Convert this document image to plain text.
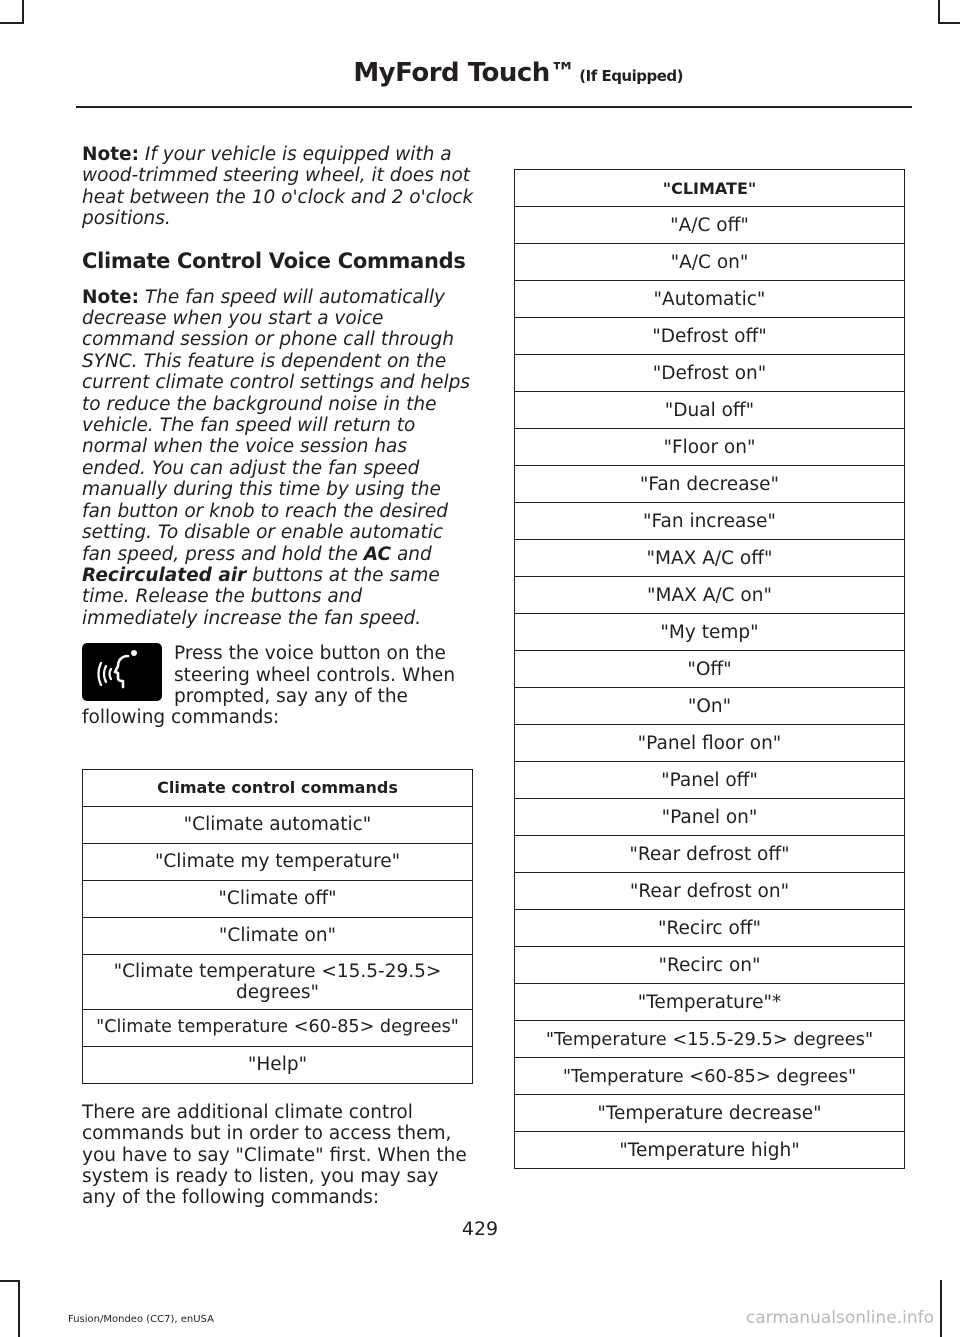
MyFord Touch™ (If Equipped)

Note: If your vehicle is equipped with a wood-trimmed steering wheel, it does not heat between the 10 o'clock and 2 o'clock positions.

Climate Control Voice Commands

Note: The fan speed will automatically decrease when you start a voice command session or phone call through SYNC. This feature is dependent on the current climate control settings and helps to reduce the background noise in the vehicle. The fan speed will return to normal when the voice session has ended. You can adjust the fan speed manually during this time by using the fan button or knob to reach the desired setting. To disable or enable automatic fan speed, press and hold the AC and Recirculated air buttons at the same time. Release the buttons and immediately increase the fan speed.

Press the voice button on the steering wheel controls. When prompted, say any of the following commands:

Climate control commands
"Climate automatic"
"Climate my temperature"
"Climate off"
"Climate on"
"Climate temperature <15.5-29.5> degrees"
"Climate temperature <60-85> degrees"
"Help"

There are additional climate control commands but in order to access them, you have to say "Climate" first. When the system is ready to listen, you may say any of the following commands:

"CLIMATE"
"A/C off"
"A/C on"
"Automatic"
"Defrost off"
"Defrost on"
"Dual off"
"Floor on"
"Fan decrease"
"Fan increase"
"MAX A/C off"
"MAX A/C on"
"My temp"
"Off"
"On"
"Panel floor on"
"Panel off"
"Panel on"
"Rear defrost off"
"Rear defrost on"
"Recirc off"
"Recirc on"
"Temperature"*
"Temperature <15.5-29.5> degrees"
"Temperature <60-85> degrees"
"Temperature decrease"
"Temperature high"
429
Fusion/Mondeo (CC7), enUSA	carmanualsonline.info
